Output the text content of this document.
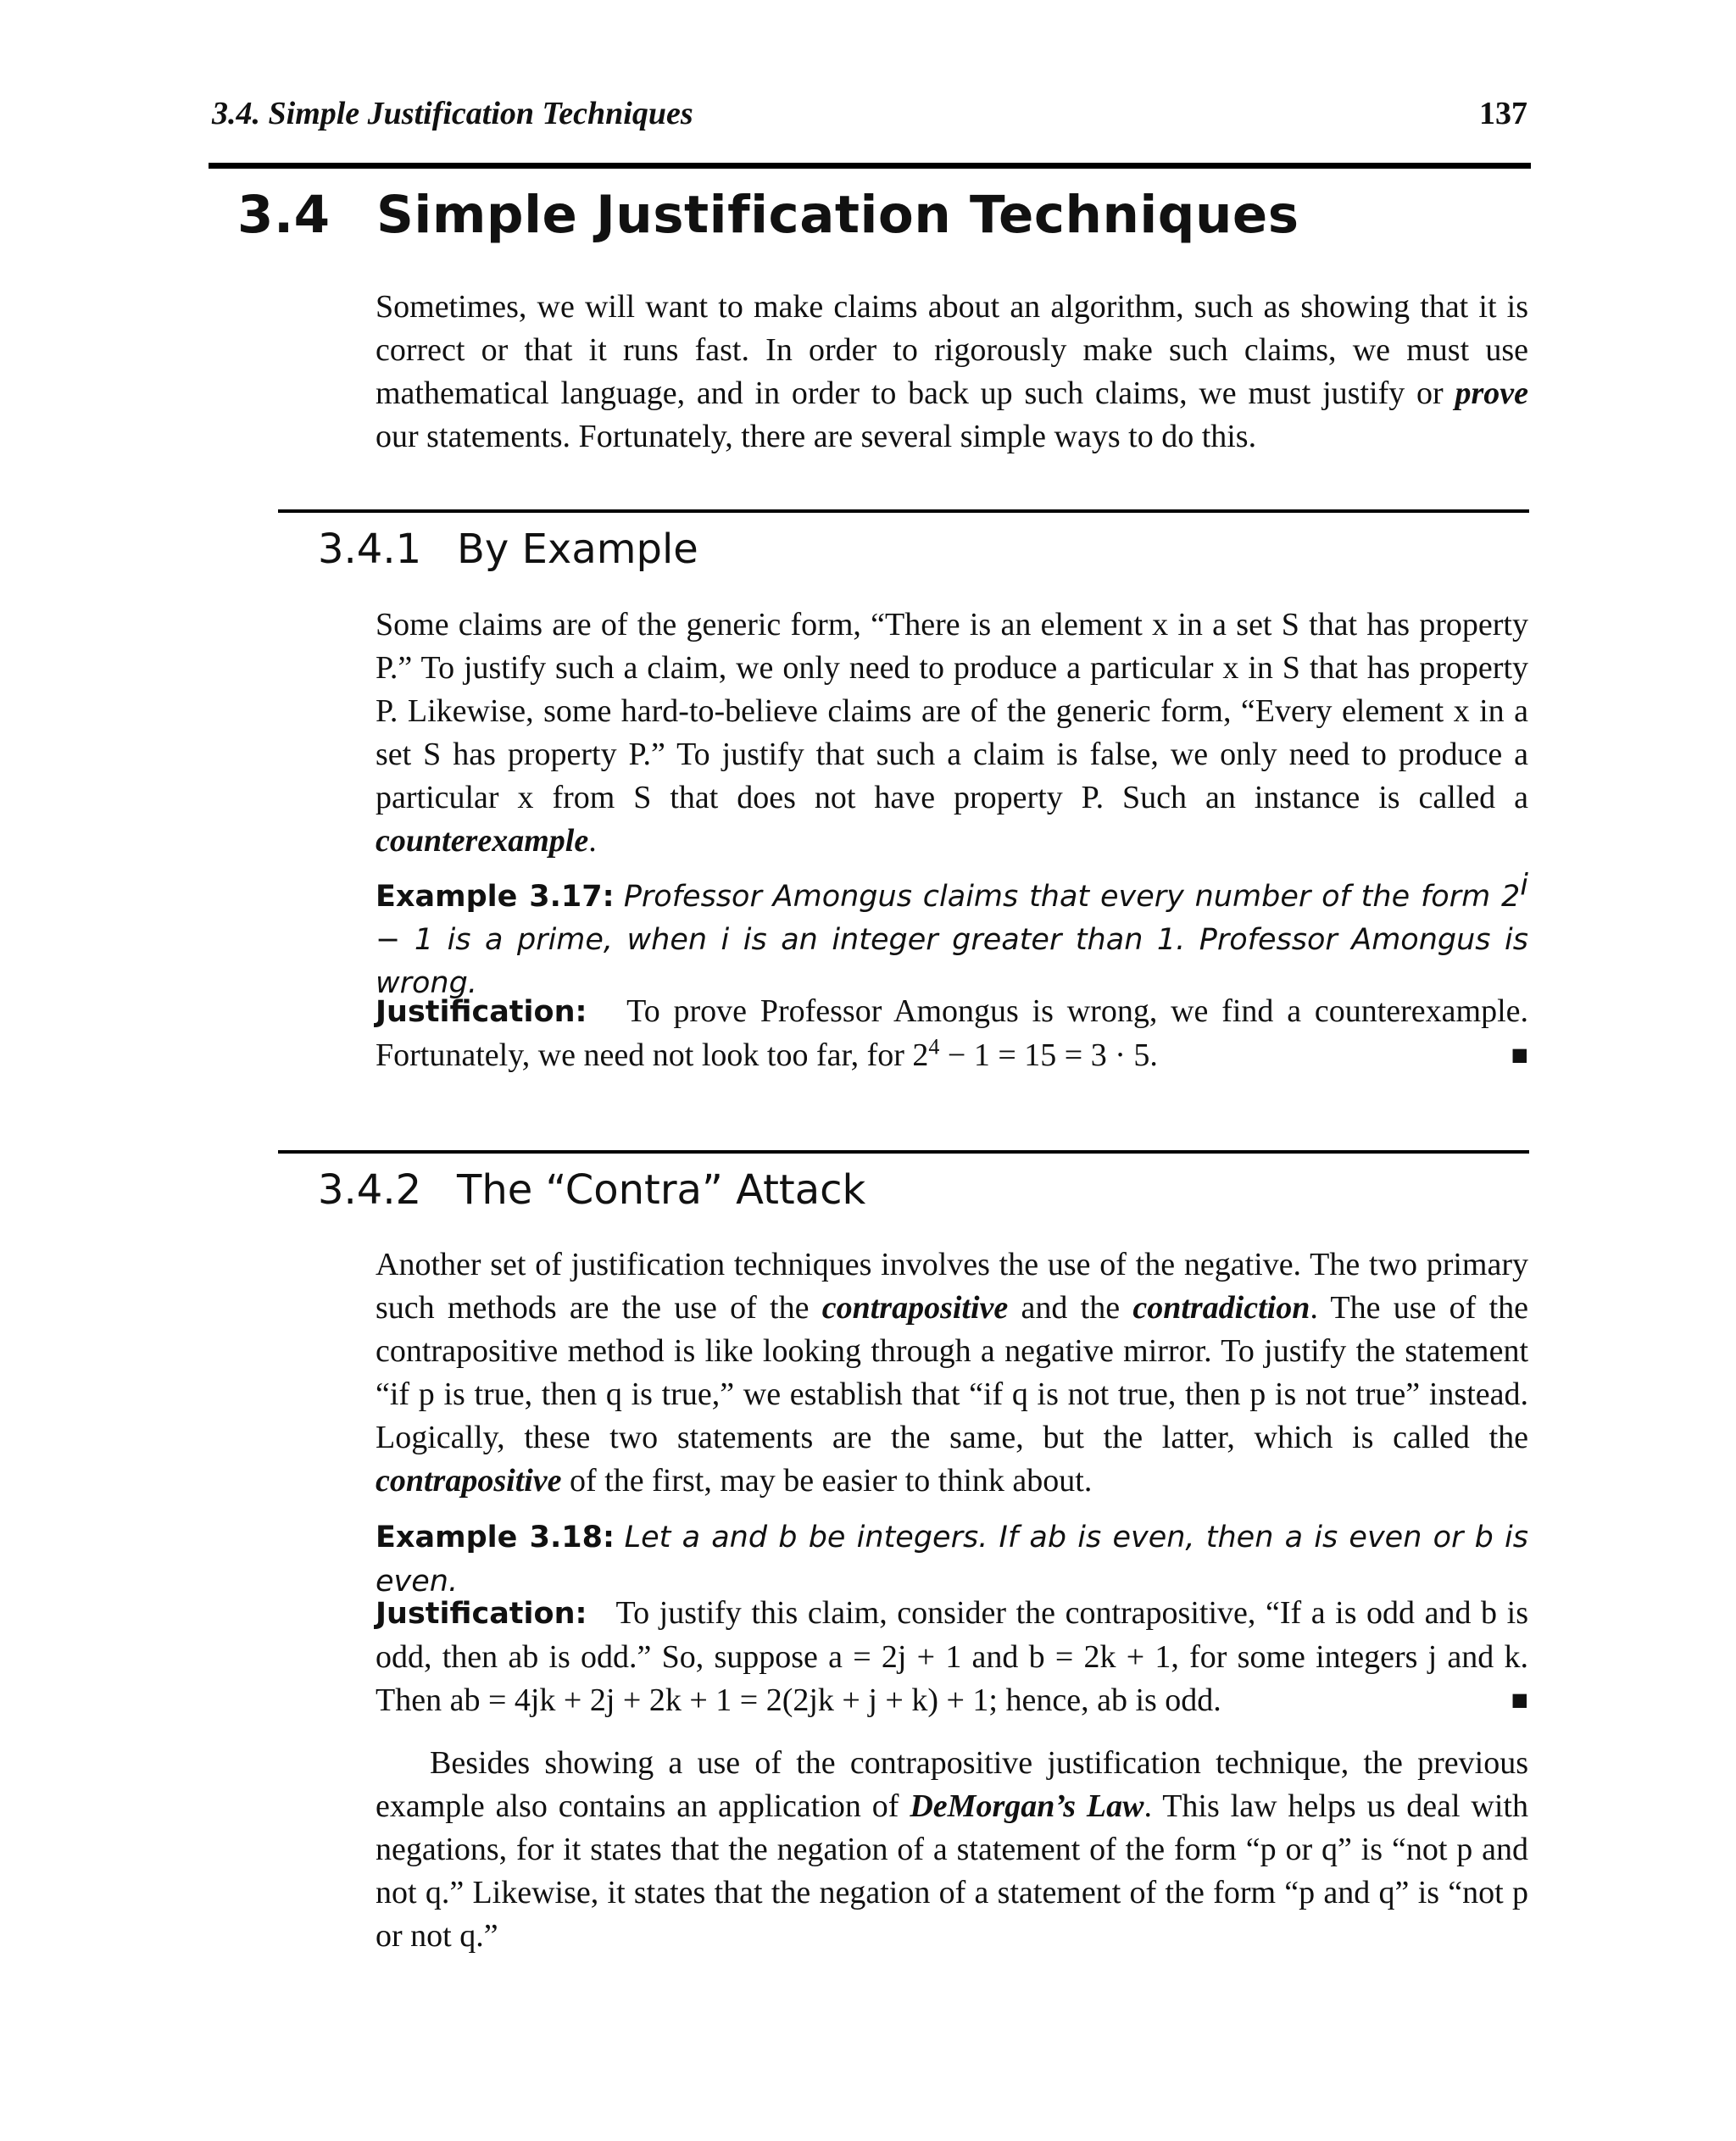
3.4. Simple Justification Techniques	137
3.4 Simple Justification Techniques
Sometimes, we will want to make claims about an algorithm, such as showing that it is correct or that it runs fast. In order to rigorously make such claims, we must use mathematical language, and in order to back up such claims, we must justify or prove our statements. Fortunately, there are several simple ways to do this.
3.4.1 By Example
Some claims are of the generic form, “There is an element x in a set S that has property P.” To justify such a claim, we only need to produce a particular x in S that has property P. Likewise, some hard-to-believe claims are of the generic form, “Every element x in a set S has property P.” To justify that such a claim is false, we only need to produce a particular x from S that does not have property P. Such an instance is called a counterexample.
Example 3.17: Professor Amongus claims that every number of the form $2^i - 1$ is a prime, when i is an integer greater than 1. Professor Amongus is wrong.
Justification: To prove Professor Amongus is wrong, we find a counterexample. Fortunately, we need not look too far, for $2^4 - 1 = 15 = 3 \cdot 5$.	■
3.4.2 The “Contra” Attack
Another set of justification techniques involves the use of the negative. The two primary such methods are the use of the contrapositive and the contradiction. The use of the contrapositive method is like looking through a negative mirror. To justify the statement “if p is true, then q is true,” we establish that “if q is not true, then p is not true” instead. Logically, these two statements are the same, but the latter, which is called the contrapositive of the first, may be easier to think about.
Example 3.18: Let a and b be integers. If ab is even, then a is even or b is even.
Justification: To justify this claim, consider the contrapositive, “If a is odd and b is odd, then ab is odd.” So, suppose a = 2j + 1 and b = 2k + 1, for some integers j and k. Then ab = 4jk + 2j + 2k + 1 = 2(2jk + j + k) + 1; hence, ab is odd.	■
Besides showing a use of the contrapositive justification technique, the previous example also contains an application of DeMorgan’s Law. This law helps us deal with negations, for it states that the negation of a statement of the form “p or q” is “not p and not q.” Likewise, it states that the negation of a statement of the form “p and q” is “not p or not q.”
